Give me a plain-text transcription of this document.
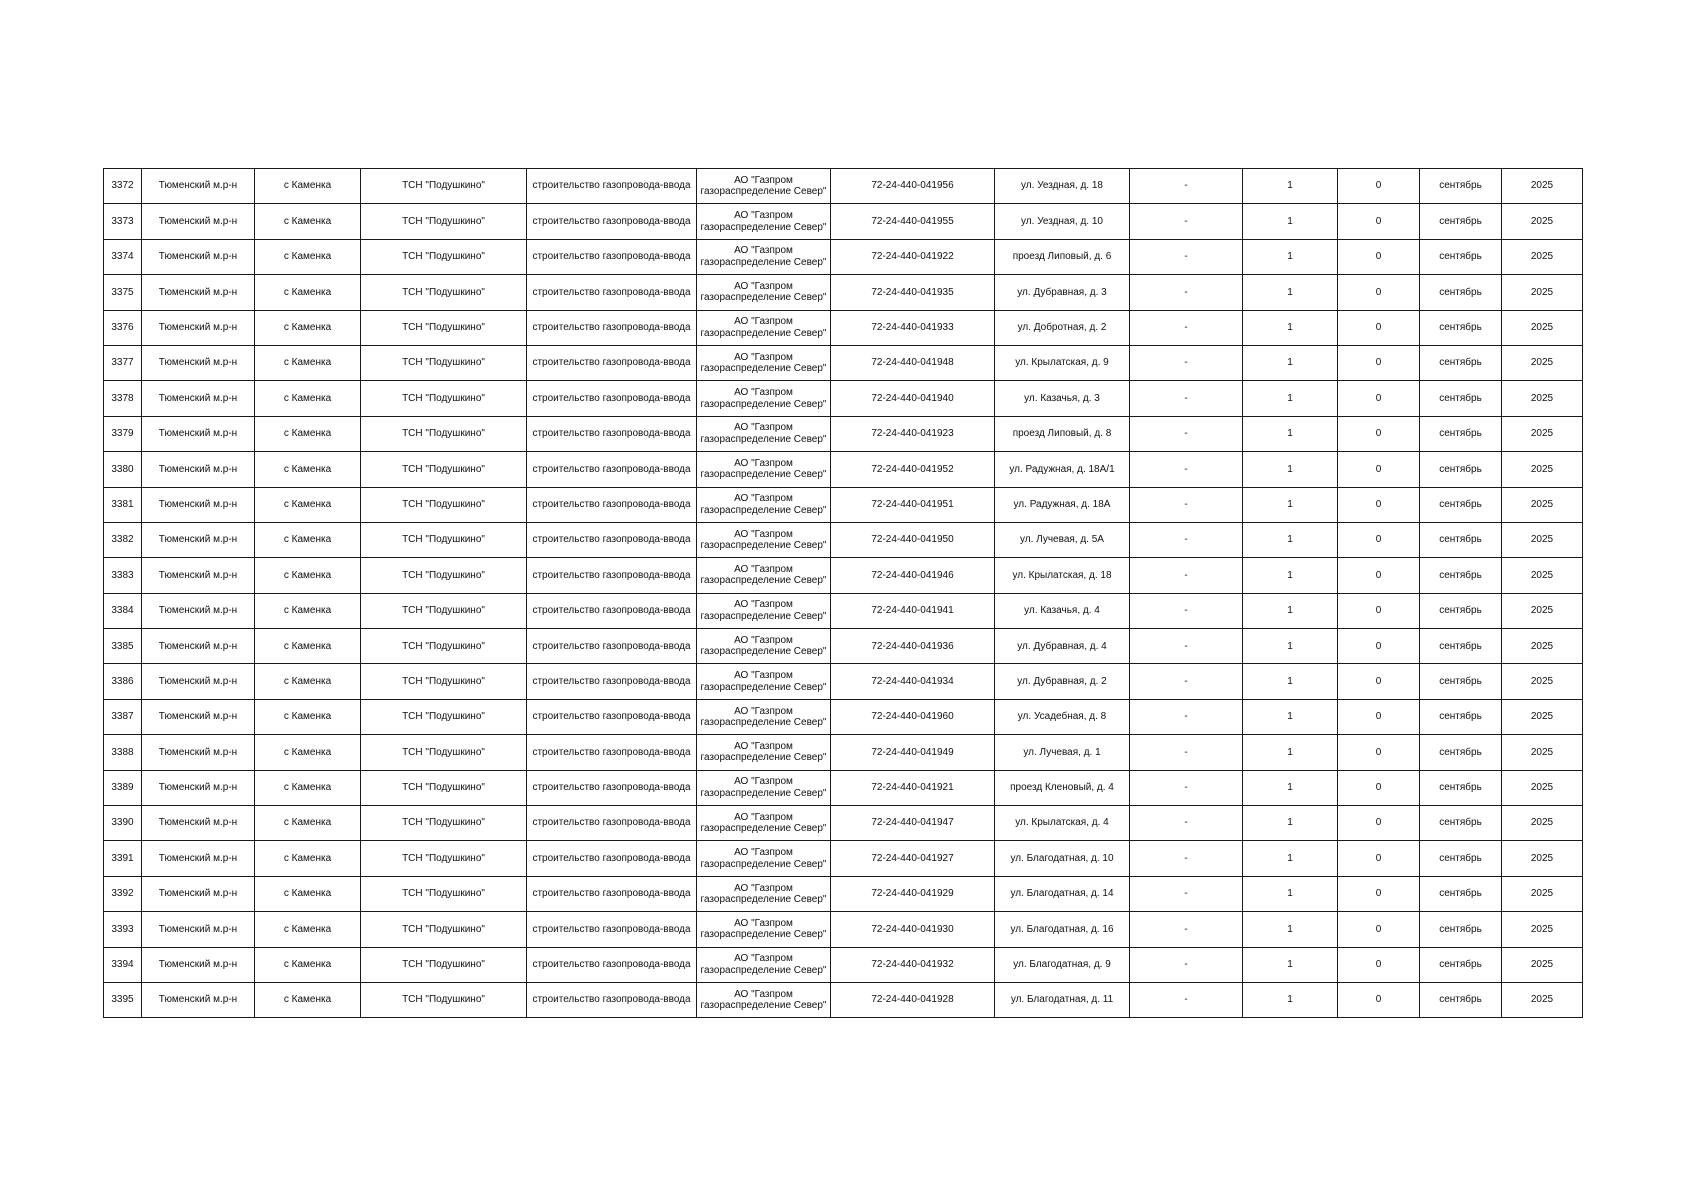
3372	Тюменский м.р-н	с Каменка	ТСН "Подушкино"	строительство газопровода-ввода	АО "Газпром газораспределение Север"	72-24-440-041956	ул. Уездная, д. 18	-	1	0	сентябрь	2025
3373	Тюменский м.р-н	с Каменка	ТСН "Подушкино"	строительство газопровода-ввода	АО "Газпром газораспределение Север"	72-24-440-041955	ул. Уездная, д. 10	-	1	0	сентябрь	2025
3374	Тюменский м.р-н	с Каменка	ТСН "Подушкино"	строительство газопровода-ввода	АО "Газпром газораспределение Север"	72-24-440-041922	проезд Липовый, д. 6	-	1	0	сентябрь	2025
3375	Тюменский м.р-н	с Каменка	ТСН "Подушкино"	строительство газопровода-ввода	АО "Газпром газораспределение Север"	72-24-440-041935	ул. Дубравная, д. 3	-	1	0	сентябрь	2025
3376	Тюменский м.р-н	с Каменка	ТСН "Подушкино"	строительство газопровода-ввода	АО "Газпром газораспределение Север"	72-24-440-041933	ул. Добротная, д. 2	-	1	0	сентябрь	2025
3377	Тюменский м.р-н	с Каменка	ТСН "Подушкино"	строительство газопровода-ввода	АО "Газпром газораспределение Север"	72-24-440-041948	ул. Крылатская, д. 9	-	1	0	сентябрь	2025
3378	Тюменский м.р-н	с Каменка	ТСН "Подушкино"	строительство газопровода-ввода	АО "Газпром газораспределение Север"	72-24-440-041940	ул. Казачья, д. 3	-	1	0	сентябрь	2025
3379	Тюменский м.р-н	с Каменка	ТСН "Подушкино"	строительство газопровода-ввода	АО "Газпром газораспределение Север"	72-24-440-041923	проезд Липовый, д. 8	-	1	0	сентябрь	2025
3380	Тюменский м.р-н	с Каменка	ТСН "Подушкино"	строительство газопровода-ввода	АО "Газпром газораспределение Север"	72-24-440-041952	ул. Радужная, д. 18А/1	-	1	0	сентябрь	2025
3381	Тюменский м.р-н	с Каменка	ТСН "Подушкино"	строительство газопровода-ввода	АО "Газпром газораспределение Север"	72-24-440-041951	ул. Радужная, д. 18А	-	1	0	сентябрь	2025
3382	Тюменский м.р-н	с Каменка	ТСН "Подушкино"	строительство газопровода-ввода	АО "Газпром газораспределение Север"	72-24-440-041950	ул. Лучевая, д. 5А	-	1	0	сентябрь	2025
3383	Тюменский м.р-н	с Каменка	ТСН "Подушкино"	строительство газопровода-ввода	АО "Газпром газораспределение Север"	72-24-440-041946	ул. Крылатская, д. 18	-	1	0	сентябрь	2025
3384	Тюменский м.р-н	с Каменка	ТСН "Подушкино"	строительство газопровода-ввода	АО "Газпром газораспределение Север"	72-24-440-041941	ул. Казачья, д. 4	-	1	0	сентябрь	2025
3385	Тюменский м.р-н	с Каменка	ТСН "Подушкино"	строительство газопровода-ввода	АО "Газпром газораспределение Север"	72-24-440-041936	ул. Дубравная, д. 4	-	1	0	сентябрь	2025
3386	Тюменский м.р-н	с Каменка	ТСН "Подушкино"	строительство газопровода-ввода	АО "Газпром газораспределение Север"	72-24-440-041934	ул. Дубравная, д. 2	-	1	0	сентябрь	2025
3387	Тюменский м.р-н	с Каменка	ТСН "Подушкино"	строительство газопровода-ввода	АО "Газпром газораспределение Север"	72-24-440-041960	ул. Усадебная, д. 8	-	1	0	сентябрь	2025
3388	Тюменский м.р-н	с Каменка	ТСН "Подушкино"	строительство газопровода-ввода	АО "Газпром газораспределение Север"	72-24-440-041949	ул. Лучевая, д. 1	-	1	0	сентябрь	2025
3389	Тюменский м.р-н	с Каменка	ТСН "Подушкино"	строительство газопровода-ввода	АО "Газпром газораспределение Север"	72-24-440-041921	проезд Кленовый, д. 4	-	1	0	сентябрь	2025
3390	Тюменский м.р-н	с Каменка	ТСН "Подушкино"	строительство газопровода-ввода	АО "Газпром газораспределение Север"	72-24-440-041947	ул. Крылатская, д. 4	-	1	0	сентябрь	2025
3391	Тюменский м.р-н	с Каменка	ТСН "Подушкино"	строительство газопровода-ввода	АО "Газпром газораспределение Север"	72-24-440-041927	ул. Благодатная, д. 10	-	1	0	сентябрь	2025
3392	Тюменский м.р-н	с Каменка	ТСН "Подушкино"	строительство газопровода-ввода	АО "Газпром газораспределение Север"	72-24-440-041929	ул. Благодатная, д. 14	-	1	0	сентябрь	2025
3393	Тюменский м.р-н	с Каменка	ТСН "Подушкино"	строительство газопровода-ввода	АО "Газпром газораспределение Север"	72-24-440-041930	ул. Благодатная, д. 16	-	1	0	сентябрь	2025
3394	Тюменский м.р-н	с Каменка	ТСН "Подушкино"	строительство газопровода-ввода	АО "Газпром газораспределение Север"	72-24-440-041932	ул. Благодатная, д. 9	-	1	0	сентябрь	2025
3395	Тюменский м.р-н	с Каменка	ТСН "Подушкино"	строительство газопровода-ввода	АО "Газпром газораспределение Север"	72-24-440-041928	ул. Благодатная, д. 11	-	1	0	сентябрь	2025
